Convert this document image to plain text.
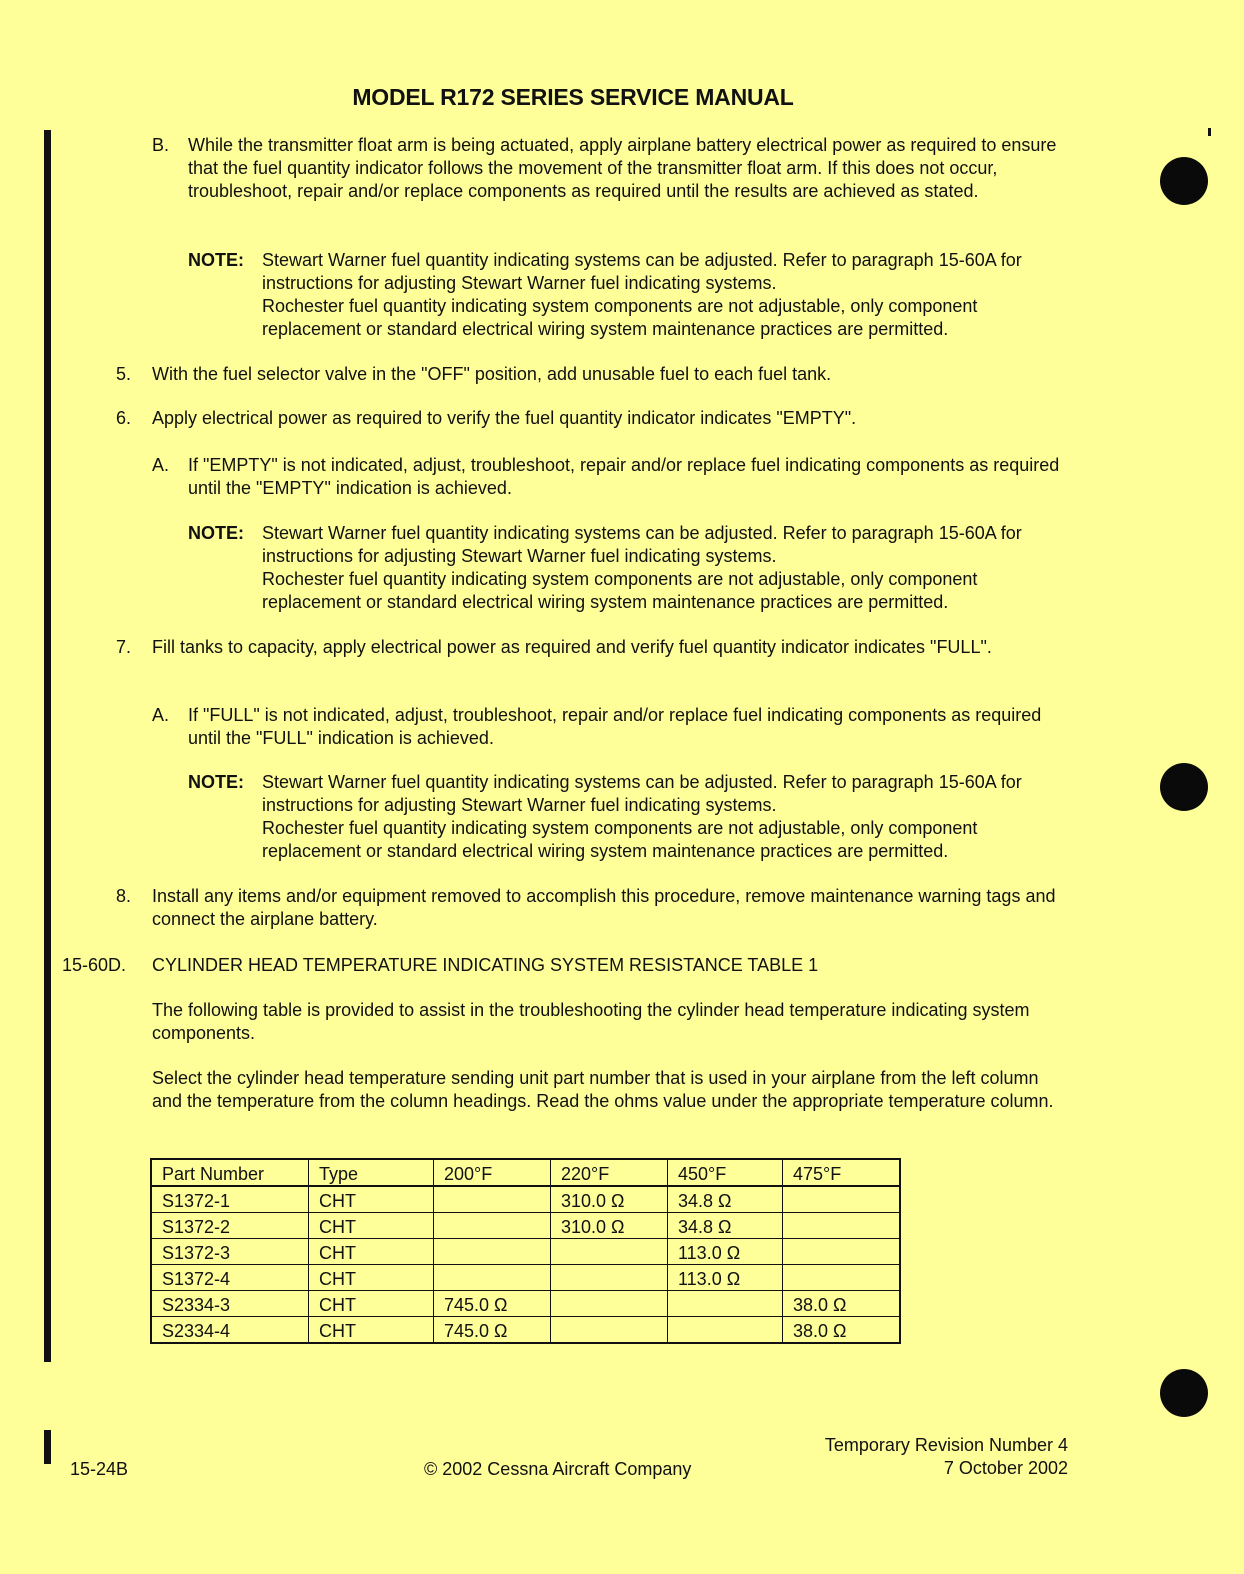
MODEL R172 SERIES SERVICE MANUAL
B. While the transmitter float arm is being actuated, apply airplane battery electrical power as required to ensure that the fuel quantity indicator follows the movement of the transmitter float arm. If this does not occur, troubleshoot, repair and/or replace components as required until the results are achieved as stated.
NOTE: Stewart Warner fuel quantity indicating systems can be adjusted. Refer to paragraph 15-60A for instructions for adjusting Stewart Warner fuel indicating systems.
Rochester fuel quantity indicating system components are not adjustable, only component replacement or standard electrical wiring system maintenance practices are permitted.
5. With the fuel selector valve in the "OFF" position, add unusable fuel to each fuel tank.
6. Apply electrical power as required to verify the fuel quantity indicator indicates "EMPTY".
A. If "EMPTY" is not indicated, adjust, troubleshoot, repair and/or replace fuel indicating components as required until the "EMPTY" indication is achieved.
NOTE: Stewart Warner fuel quantity indicating systems can be adjusted. Refer to paragraph 15-60A for instructions for adjusting Stewart Warner fuel indicating systems.
Rochester fuel quantity indicating system components are not adjustable, only component replacement or standard electrical wiring system maintenance practices are permitted.
7. Fill tanks to capacity, apply electrical power as required and verify fuel quantity indicator indicates "FULL".
A. If "FULL" is not indicated, adjust, troubleshoot, repair and/or replace fuel indicating components as required until the "FULL" indication is achieved.
NOTE: Stewart Warner fuel quantity indicating systems can be adjusted. Refer to paragraph 15-60A for instructions for adjusting Stewart Warner fuel indicating systems.
Rochester fuel quantity indicating system components are not adjustable, only component replacement or standard electrical wiring system maintenance practices are permitted.
8. Install any items and/or equipment removed to accomplish this procedure, remove maintenance warning tags and connect the airplane battery.
15-60D. CYLINDER HEAD TEMPERATURE INDICATING SYSTEM RESISTANCE TABLE 1
The following table is provided to assist in the troubleshooting the cylinder head temperature indicating system components.
Select the cylinder head temperature sending unit part number that is used in your airplane from the left column and the temperature from the column headings. Read the ohms value under the appropriate temperature column.
Part Number	Type	200°F	220°F	450°F	475°F
S1372-1	CHT		310.0 Ω	34.8 Ω	
S1372-2	CHT		310.0 Ω	34.8 Ω	
S1372-3	CHT			113.0 Ω	
S1372-4	CHT			113.0 Ω	
S2334-3	CHT	745.0 Ω			38.0 Ω
S2334-4	CHT	745.0 Ω			38.0 Ω
15-24B	© 2002 Cessna Aircraft Company
Temporary Revision Number 4
7 October 2002
